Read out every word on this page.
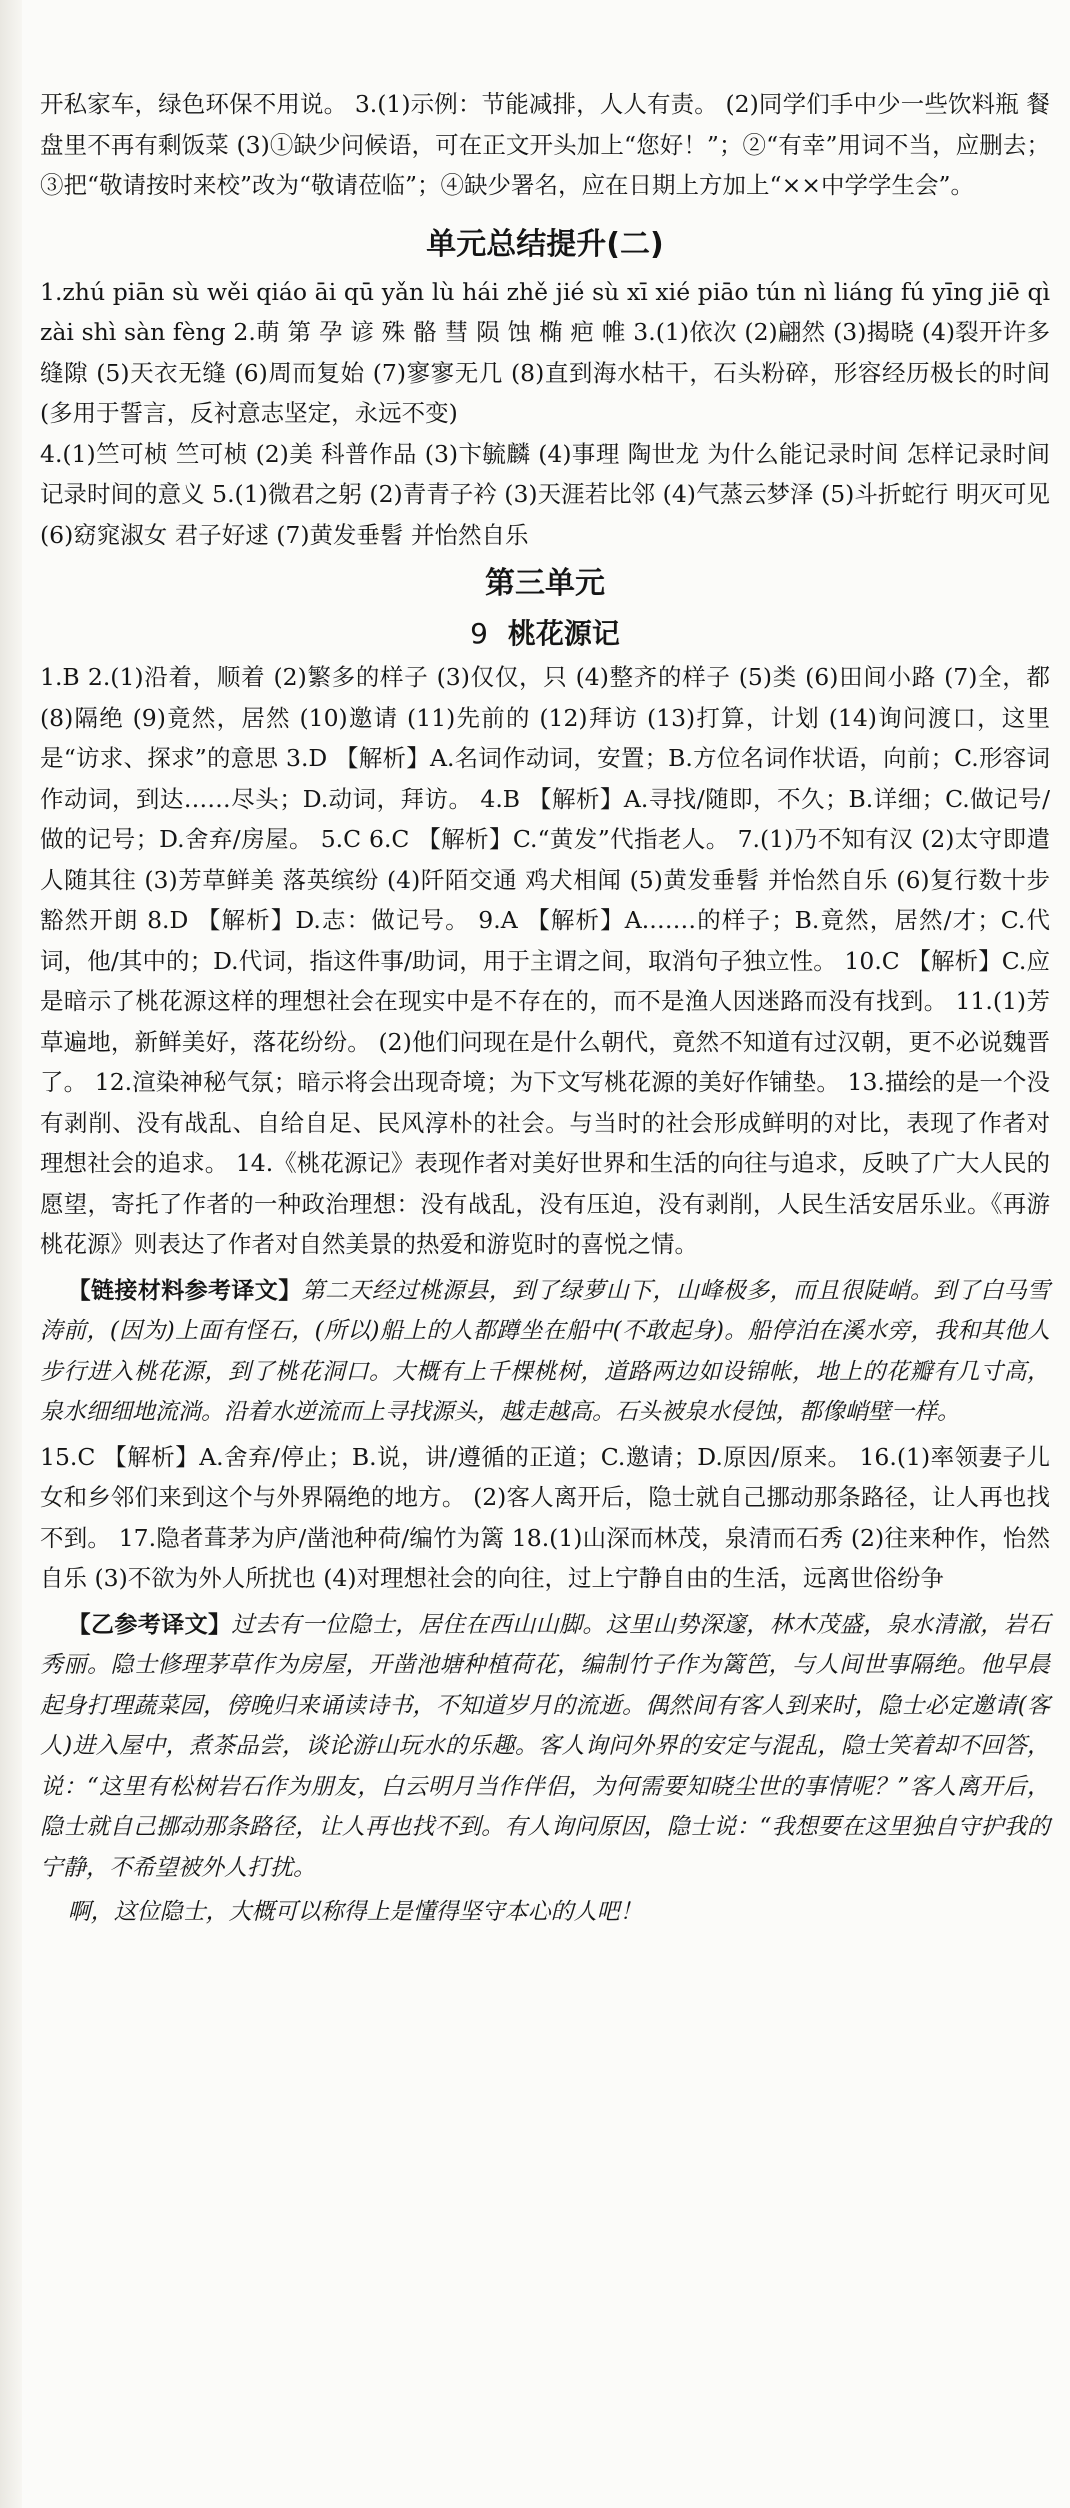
开私家车，绿色环保不用说。 3.(1)示例：节能减排，人人有责。 (2)同学们手中少一些饮料瓶 餐盘里不再有剩饭菜 (3)①缺少问候语，可在正文开头加上“您好！”；②“有幸”用词不当，应删去；③把“敬请按时来校”改为“敬请莅临”；④缺少署名，应在日期上方加上“××中学学生会”。

单元总结提升(二)

1.zhú piān sù wěi qiáo āi qū yǎn lù hái zhě jié sù xī xié piāo tún nì liáng fú yīng jiē qì zài shì sàn fèng 2.萌 第 孕 谚 殊 骼 彗 陨 蚀 椭 疤 帷 3.(1)依次 (2)翩然 (3)揭晓 (4)裂开许多缝隙 (5)天衣无缝 (6)周而复始 (7)寥寥无几 (8)直到海水枯干，石头粉碎，形容经历极长的时间(多用于誓言，反衬意志坚定，永远不变)

4.(1)竺可桢 竺可桢 (2)美 科普作品 (3)卞毓麟 (4)事理 陶世龙 为什么能记录时间 怎样记录时间 记录时间的意义 5.(1)微君之躬 (2)青青子衿 (3)天涯若比邻 (4)气蒸云梦泽 (5)斗折蛇行 明灭可见 (6)窈窕淑女 君子好逑 (7)黄发垂髫 并怡然自乐

第三单元

9 桃花源记

1.B 2.(1)沿着，顺着 (2)繁多的样子 (3)仅仅，只 (4)整齐的样子 (5)类 (6)田间小路 (7)全，都 (8)隔绝 (9)竟然，居然 (10)邀请 (11)先前的 (12)拜访 (13)打算，计划 (14)询问渡口，这里是“访求、探求”的意思 3.D 【解析】A.名词作动词，安置；B.方位名词作状语，向前；C.形容词作动词，到达……尽头；D.动词，拜访。 4.B 【解析】A.寻找/随即，不久；B.详细；C.做记号/做的记号；D.舍弃/房屋。 5.C 6.C 【解析】C.“黄发”代指老人。 7.(1)乃不知有汉 (2)太守即遣人随其往 (3)芳草鲜美 落英缤纷 (4)阡陌交通 鸡犬相闻 (5)黄发垂髫 并怡然自乐 (6)复行数十步 豁然开朗 8.D 【解析】D.志：做记号。 9.A 【解析】A.……的样子；B.竟然，居然/才；C.代词，他/其中的；D.代词，指这件事/助词，用于主谓之间，取消句子独立性。 10.C 【解析】C.应是暗示了桃花源这样的理想社会在现实中是不存在的，而不是渔人因迷路而没有找到。 11.(1)芳草遍地，新鲜美好，落花纷纷。 (2)他们问现在是什么朝代，竟然不知道有过汉朝，更不必说魏晋了。 12.渲染神秘气氛；暗示将会出现奇境；为下文写桃花源的美好作铺垫。 13.描绘的是一个没有剥削、没有战乱、自给自足、民风淳朴的社会。与当时的社会形成鲜明的对比，表现了作者对理想社会的追求。 14.《桃花源记》表现作者对美好世界和生活的向往与追求，反映了广大人民的愿望，寄托了作者的一种政治理想：没有战乱，没有压迫，没有剥削，人民生活安居乐业。《再游桃花源》则表达了作者对自然美景的热爱和游览时的喜悦之情。

【链接材料参考译文】第二天经过桃源县，到了绿萝山下，山峰极多，而且很陡峭。到了白马雪涛前，(因为)上面有怪石，(所以)船上的人都蹲坐在船中(不敢起身)。船停泊在溪水旁，我和其他人步行进入桃花源，到了桃花洞口。大概有上千棵桃树，道路两边如设锦帐，地上的花瓣有几寸高，泉水细细地流淌。沿着水逆流而上寻找源头，越走越高。石头被泉水侵蚀，都像峭壁一样。

15.C 【解析】A.舍弃/停止；B.说，讲/遵循的正道；C.邀请；D.原因/原来。 16.(1)率领妻子儿女和乡邻们来到这个与外界隔绝的地方。 (2)客人离开后，隐士就自己挪动那条路径，让人再也找不到。 17.隐者葺茅为庐/凿池种荷/编竹为篱 18.(1)山深而林茂，泉清而石秀 (2)往来种作，怡然自乐 (3)不欲为外人所扰也 (4)对理想社会的向往，过上宁静自由的生活，远离世俗纷争

【乙参考译文】过去有一位隐士，居住在西山山脚。这里山势深邃，林木茂盛，泉水清澈，岩石秀丽。隐士修理茅草作为房屋，开凿池塘种植荷花，编制竹子作为篱笆，与人间世事隔绝。他早晨起身打理蔬菜园，傍晚归来诵读诗书，不知道岁月的流逝。偶然间有客人到来时，隐士必定邀请(客人)进入屋中，煮茶品尝，谈论游山玩水的乐趣。客人询问外界的安定与混乱，隐士笑着却不回答，说：“这里有松树岩石作为朋友，白云明月当作伴侣，为何需要知晓尘世的事情呢？”客人离开后，隐士就自己挪动那条路径，让人再也找不到。有人询问原因，隐士说：“我想要在这里独自守护我的宁静，不希望被外人打扰。

啊，这位隐士，大概可以称得上是懂得坚守本心的人吧！
